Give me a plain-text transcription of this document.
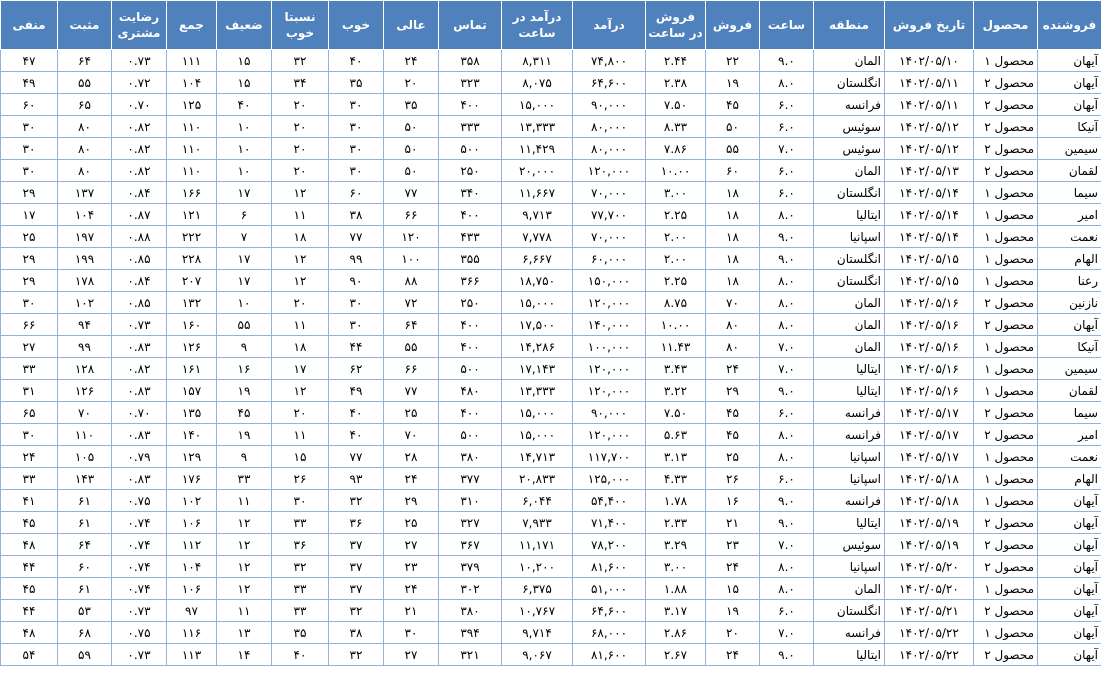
فروشنده	محصول	تاریخ فروش	منطقه	ساعت	فروش	فروش در ساعت	درآمد	درآمد در ساعت	تماس	عالی	خوب	نسبتا خوب	ضعیف	جمع	رضایت مشتری	مثبت	منفی
آیهان	محصول ۱	۱۴۰۲/۰۵/۱۰	المان	۹.۰	۲۲	۲.۴۴	۷۴,۸۰۰	۸,۳۱۱	۳۵۸	۲۴	۴۰	۳۲	۱۵	۱۱۱	۰.۷۳	۶۴	۴۷
آیهان	محصول ۲	۱۴۰۲/۰۵/۱۱	انگلستان	۸.۰	۱۹	۲.۳۸	۶۴,۶۰۰	۸,۰۷۵	۳۲۳	۲۰	۳۵	۳۴	۱۵	۱۰۴	۰.۷۲	۵۵	۴۹
آیهان	محصول ۲	۱۴۰۲/۰۵/۱۱	فرانسه	۶.۰	۴۵	۷.۵۰	۹۰,۰۰۰	۱۵,۰۰۰	۴۰۰	۳۵	۳۰	۲۰	۴۰	۱۲۵	۰.۷۰	۶۵	۶۰
آنیکا	محصول ۲	۱۴۰۲/۰۵/۱۲	سوئیس	۶.۰	۵۰	۸.۳۳	۸۰,۰۰۰	۱۳,۳۳۳	۳۳۳	۵۰	۳۰	۲۰	۱۰	۱۱۰	۰.۸۲	۸۰	۳۰
سیمین	محصول ۲	۱۴۰۲/۰۵/۱۲	سوئیس	۷.۰	۵۵	۷.۸۶	۸۰,۰۰۰	۱۱,۴۲۹	۵۰۰	۵۰	۳۰	۲۰	۱۰	۱۱۰	۰.۸۲	۸۰	۳۰
لقمان	محصول ۲	۱۴۰۲/۰۵/۱۳	المان	۶.۰	۶۰	۱۰.۰۰	۱۲۰,۰۰۰	۲۰,۰۰۰	۲۵۰	۵۰	۳۰	۲۰	۱۰	۱۱۰	۰.۸۲	۸۰	۳۰
سیما	محصول ۱	۱۴۰۲/۰۵/۱۴	انگلستان	۶.۰	۱۸	۳.۰۰	۷۰,۰۰۰	۱۱,۶۶۷	۳۴۰	۷۷	۶۰	۱۲	۱۷	۱۶۶	۰.۸۴	۱۳۷	۲۹
امیر	محصول ۱	۱۴۰۲/۰۵/۱۴	ایتالیا	۸.۰	۱۸	۲.۲۵	۷۷,۷۰۰	۹,۷۱۳	۴۰۰	۶۶	۳۸	۱۱	۶	۱۲۱	۰.۸۷	۱۰۴	۱۷
نعمت	محصول ۱	۱۴۰۲/۰۵/۱۴	اسپانیا	۹.۰	۱۸	۲.۰۰	۷۰,۰۰۰	۷,۷۷۸	۴۳۳	۱۲۰	۷۷	۱۸	۷	۲۲۲	۰.۸۸	۱۹۷	۲۵
الهام	محصول ۱	۱۴۰۲/۰۵/۱۵	انگلستان	۹.۰	۱۸	۲.۰۰	۶۰,۰۰۰	۶,۶۶۷	۳۵۵	۱۰۰	۹۹	۱۲	۱۷	۲۲۸	۰.۸۵	۱۹۹	۲۹
رعنا	محصول ۱	۱۴۰۲/۰۵/۱۵	انگلستان	۸.۰	۱۸	۲.۲۵	۱۵۰,۰۰۰	۱۸,۷۵۰	۳۶۶	۸۸	۹۰	۱۲	۱۷	۲۰۷	۰.۸۴	۱۷۸	۲۹
نازنین	محصول ۲	۱۴۰۲/۰۵/۱۶	المان	۸.۰	۷۰	۸.۷۵	۱۲۰,۰۰۰	۱۵,۰۰۰	۲۵۰	۷۲	۳۰	۲۰	۱۰	۱۳۲	۰.۸۵	۱۰۲	۳۰
آیهان	محصول ۲	۱۴۰۲/۰۵/۱۶	المان	۸.۰	۸۰	۱۰.۰۰	۱۴۰,۰۰۰	۱۷,۵۰۰	۴۰۰	۶۴	۳۰	۱۱	۵۵	۱۶۰	۰.۷۳	۹۴	۶۶
آنیکا	محصول ۱	۱۴۰۲/۰۵/۱۶	المان	۷.۰	۸۰	۱۱.۴۳	۱۰۰,۰۰۰	۱۴,۲۸۶	۴۰۰	۵۵	۴۴	۱۸	۹	۱۲۶	۰.۸۳	۹۹	۲۷
سیمین	محصول ۱	۱۴۰۲/۰۵/۱۶	ایتالیا	۷.۰	۲۴	۳.۴۳	۱۲۰,۰۰۰	۱۷,۱۴۳	۵۰۰	۶۶	۶۲	۱۷	۱۶	۱۶۱	۰.۸۲	۱۲۸	۳۳
لقمان	محصول ۱	۱۴۰۲/۰۵/۱۶	ایتالیا	۹.۰	۲۹	۳.۲۲	۱۲۰,۰۰۰	۱۳,۳۳۳	۴۸۰	۷۷	۴۹	۱۲	۱۹	۱۵۷	۰.۸۳	۱۲۶	۳۱
سیما	محصول ۲	۱۴۰۲/۰۵/۱۷	فرانسه	۶.۰	۴۵	۷.۵۰	۹۰,۰۰۰	۱۵,۰۰۰	۴۰۰	۲۵	۴۰	۲۰	۴۵	۱۳۵	۰.۷۰	۷۰	۶۵
امیر	محصول ۲	۱۴۰۲/۰۵/۱۷	فرانسه	۸.۰	۴۵	۵.۶۳	۱۲۰,۰۰۰	۱۵,۰۰۰	۵۰۰	۷۰	۴۰	۱۱	۱۹	۱۴۰	۰.۸۳	۱۱۰	۳۰
نعمت	محصول ۱	۱۴۰۲/۰۵/۱۷	اسپانیا	۸.۰	۲۵	۳.۱۳	۱۱۷,۷۰۰	۱۴,۷۱۳	۳۸۰	۲۸	۷۷	۱۵	۹	۱۲۹	۰.۷۹	۱۰۵	۲۴
الهام	محصول ۱	۱۴۰۲/۰۵/۱۸	اسپانیا	۶.۰	۲۶	۴.۳۳	۱۲۵,۰۰۰	۲۰,۸۳۳	۳۷۷	۲۴	۹۳	۲۶	۳۳	۱۷۶	۰.۸۳	۱۴۳	۳۳
آیهان	محصول ۱	۱۴۰۲/۰۵/۱۸	فرانسه	۹.۰	۱۶	۱.۷۸	۵۴,۴۰۰	۶,۰۴۴	۳۱۰	۲۹	۳۲	۳۰	۱۱	۱۰۲	۰.۷۵	۶۱	۴۱
آیهان	محصول ۲	۱۴۰۲/۰۵/۱۹	ایتالیا	۹.۰	۲۱	۲.۳۳	۷۱,۴۰۰	۷,۹۳۳	۳۲۷	۲۵	۳۶	۳۳	۱۲	۱۰۶	۰.۷۴	۶۱	۴۵
آیهان	محصول ۲	۱۴۰۲/۰۵/۱۹	سوئیس	۷.۰	۲۳	۳.۲۹	۷۸,۲۰۰	۱۱,۱۷۱	۳۶۷	۲۷	۳۷	۳۶	۱۲	۱۱۲	۰.۷۴	۶۴	۴۸
آیهان	محصول ۲	۱۴۰۲/۰۵/۲۰	اسپانیا	۸.۰	۲۴	۳.۰۰	۸۱,۶۰۰	۱۰,۲۰۰	۳۷۹	۲۳	۳۷	۳۲	۱۲	۱۰۴	۰.۷۴	۶۰	۴۴
آیهان	محصول ۱	۱۴۰۲/۰۵/۲۰	المان	۸.۰	۱۵	۱.۸۸	۵۱,۰۰۰	۶,۳۷۵	۳۰۲	۲۴	۳۷	۳۳	۱۲	۱۰۶	۰.۷۴	۶۱	۴۵
آیهان	محصول ۲	۱۴۰۲/۰۵/۲۱	انگلستان	۶.۰	۱۹	۳.۱۷	۶۴,۶۰۰	۱۰,۷۶۷	۳۸۰	۲۱	۳۲	۳۳	۱۱	۹۷	۰.۷۳	۵۳	۴۴
آیهان	محصول ۱	۱۴۰۲/۰۵/۲۲	فرانسه	۷.۰	۲۰	۲.۸۶	۶۸,۰۰۰	۹,۷۱۴	۳۹۴	۳۰	۳۸	۳۵	۱۳	۱۱۶	۰.۷۵	۶۸	۴۸
آیهان	محصول ۲	۱۴۰۲/۰۵/۲۲	ایتالیا	۹.۰	۲۴	۲.۶۷	۸۱,۶۰۰	۹,۰۶۷	۳۲۱	۲۷	۳۲	۴۰	۱۴	۱۱۳	۰.۷۳	۵۹	۵۴
